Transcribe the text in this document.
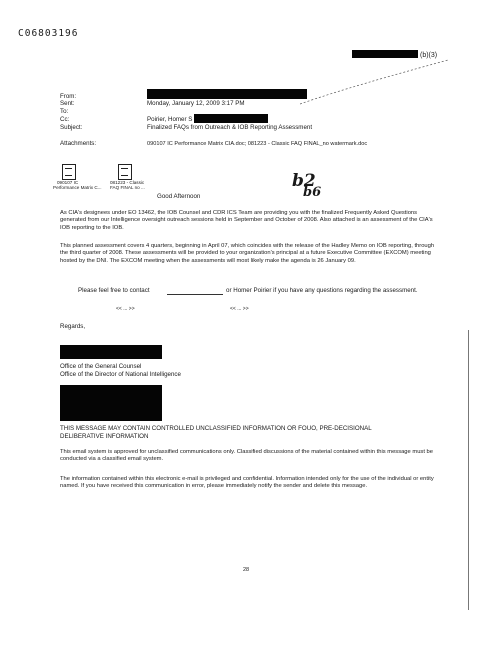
C06803196
(b)(3)
From:
Sent:	Monday, January 12, 2009 3:17 PM
To:
Cc:	Poirier, Homer S
Subject:	Finalized FAQs from Outreach & IOB Reporting Assessment
Attachments:	090107 IC Performance Matrix CIA.doc; 081223 - Classic FAQ FINAL_no watermark.doc
090107 IC
Performance Matrix C...
081223 - Classic
FAQ FINAL no ...	b2
b6
Good Afternoon
As CIA's designees under EO 13462, the IOB Counsel and CDR ICS Team are providing you with the finalized Frequently Asked Questions generated from our Intelligence oversight outreach sessions held in September and October of 2008. Also attached is an assessment of the CIA's IOB reporting to the IOB.
This planned assessment covers 4 quarters, beginning in April 07, which coincides with the release of the Hadley Memo on IOB reporting, through the third quarter of 2008. These assessments will be provided to your organization's principal at a future Executive Committee (EXCOM) meeting hosted by the DNI. The EXCOM meeting when the assessments will most likely make the agenda is 26 January 09.
Please feel free to contact	or Homer Poirier if you have any questions regarding the assessment.
<< ... >>	<< ... >>
Regards,
Office of the General Counsel
Office of the Director of National Intelligence
THIS MESSAGE MAY CONTAIN CONTROLLED UNCLASSIFIED INFORMATION OR FOUO, PRE-DECISIONAL DELIBERATIVE INFORMATION
This email system is approved for unclassified communications only. Classified discussions of the material contained within this message must be conducted via a classified email system.
The information contained within this electronic e-mail is privileged and confidential. Information intended only for the use of the individual or entity named. If you have received this communication in error, please immediately notify the sender and delete this message.
28
